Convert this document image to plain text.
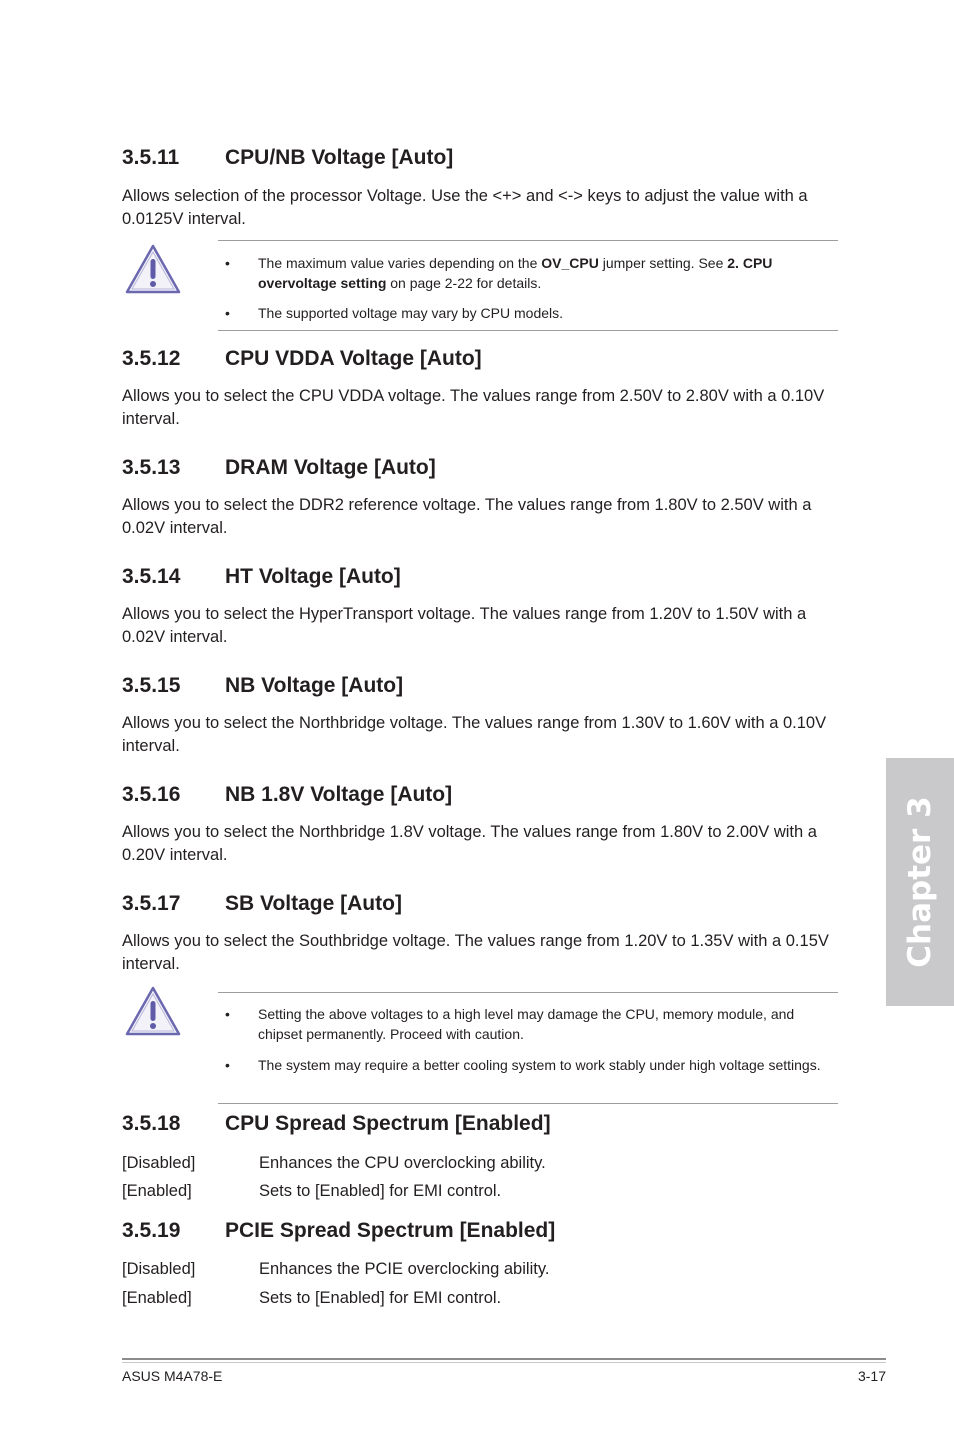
3.5.11 CPU/NB Voltage [Auto]

Allows selection of the processor Voltage. Use the <+> and <-> keys to adjust the value with a 0.0125V interval.

• The maximum value varies depending on the OV_CPU jumper setting. See 2. CPU overvoltage setting on page 2-22 for details.
• The supported voltage may vary by CPU models.
3.5.12 CPU VDDA Voltage [Auto]

Allows you to select the CPU VDDA voltage. The values range from 2.50V to 2.80V with a 0.10V interval.

3.5.13 DRAM Voltage [Auto]

Allows you to select the DDR2 reference voltage. The values range from 1.80V to 2.50V with a 0.02V interval.

3.5.14 HT Voltage [Auto]

Allows you to select the HyperTransport voltage. The values range from 1.20V to 1.50V with a 0.02V interval.

3.5.15 NB Voltage [Auto]

Allows you to select the Northbridge voltage. The values range from 1.30V to 1.60V with a 0.10V interval.

3.5.16 NB 1.8V Voltage [Auto]

Allows you to select the Northbridge 1.8V voltage. The values range from 1.80V to 2.00V with a 0.20V interval.

3.5.17 SB Voltage [Auto]

Allows you to select the Southbridge voltage. The values range from 1.20V to 1.35V with a 0.15V interval.

• Setting the above voltages to a high level may damage the CPU, memory module, and chipset permanently. Proceed with caution.
• The system may require a better cooling system to work stably under high voltage settings.
3.5.18 CPU Spread Spectrum [Enabled]
[Disabled]	Enhances the CPU overclocking ability.
[Enabled]	Sets to [Enabled] for EMI control.
3.5.19 PCIE Spread Spectrum [Enabled]
[Disabled]	Enhances the PCIE overclocking ability.
[Enabled]	Sets to [Enabled] for EMI control.
Chapter 3
ASUS M4A78-E	3-17
